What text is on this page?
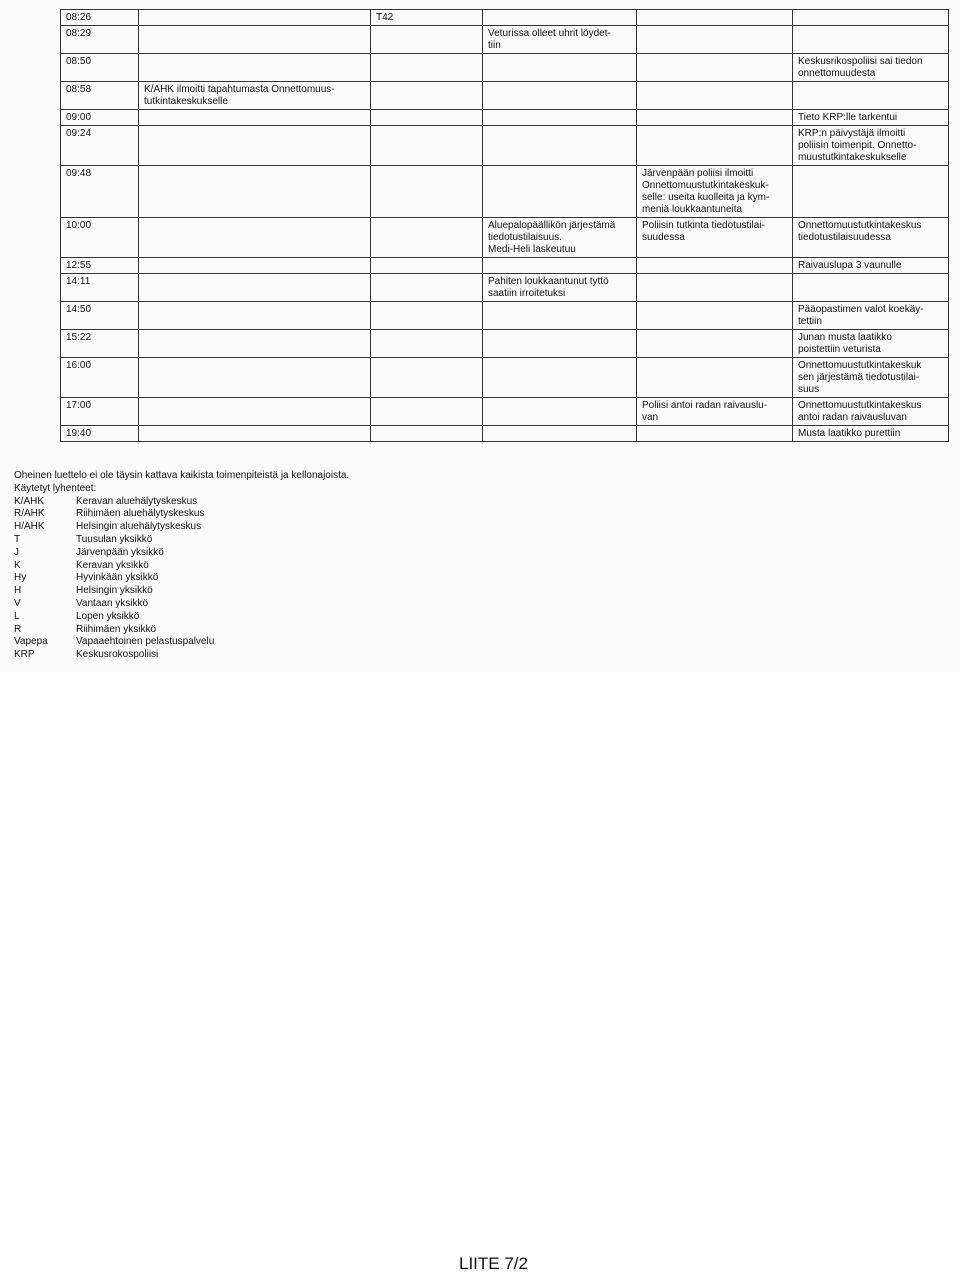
08:26		T42			
08:29			Veturissa olleet uhrit löydet-
tiin		
08:50					Keskusrikospoliisi sai tiedon
onnettomuudesta
08:58	K/AHK ilmoitti tapahtumasta Onnettomuus-
tutkintakeskukselle				
09:00					Tieto KRP:lle tarkentui
09:24					KRP:n päivystäjä ilmoitti
poliisin toimenpit. Onnetto-
muustutkintakeskukselle
09:48				Järvenpään poliisi ilmoitti
Onnettomuustutkintakeskuk-
selle: useita kuolleita ja kym-
meniä loukkaantuneita	
10:00			Aluepalopäällikön järjestämä
tiedotustilaisuus.
Medi-Heli laskeutuu	Poliisin tutkinta tiedotustilai-
suudessa	Onnettomuustutkintakeskus
tiedotustilaisuudessa
12:55					Raivauslupa 3 vaunulle
14:11			Pahiten loukkaantunut tyttö
saatiin irroitetuksi		
14:50					Pääopastimen valot koekäy-
tettiin
15:22					Junan musta laatikko
poistettiin veturista
16:00					Onnettomuustutkintakeskuk
sen järjestämä tiedotustilai-
suus
17:00				Poliisi antoi radan raivauslu-
van	Onnettomuustutkintakeskus
antoi radan raivausluvan
19:40					Musta laatikko purettiin
Oheinen luettelo ei ole täysin kattava kaikista toimenpiteistä ja kellonajoista.
Käytetyt lyhenteet:
K/AHK	Keravan aluehälytyskeskus
R/AHK	Riihimäen aluehälytyskeskus
H/AHK	Helsingin aluehälytyskeskus
T	Tuusulan yksikkö
J	Järvenpään yksikkö
K	Keravan yksikkö
Hy	Hyvinkään yksikkö
H	Helsingin yksikkö
V	Vantaan yksikkö
L	Lopen yksikkö
R	Riihimäen yksikkö
Vapepa	Vapaaehtoinen pelastuspalvelu
KRP	Keskusrokospoliisi
LIITE 7/2
